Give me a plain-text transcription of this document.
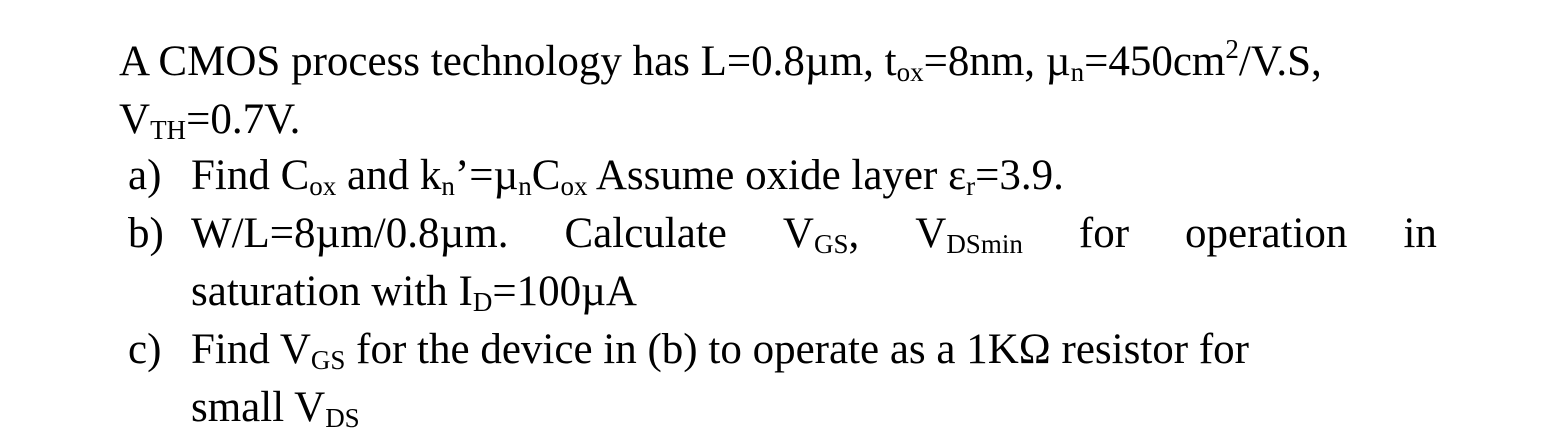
A CMOS process technology has L=0.8µm, $t_{ox}=8nm$, $\mu_n=450cm^2/V.S$,
$V_{TH}=0.7V$.
a) Find $C_{ox}$ and $k_n’=\mu_nC_{ox}$ Assume oxide layer $\varepsilon_r=3.9$.
b) W/L=8µm/0.8µm. Calculate $V_{GS}$, $V_{DSmin}$ for operation in
saturation with $I_D=100\mu A$
c) Find $V_{GS}$ for the device in (b) to operate as a 1KΩ resistor for
small $V_{DS}$
